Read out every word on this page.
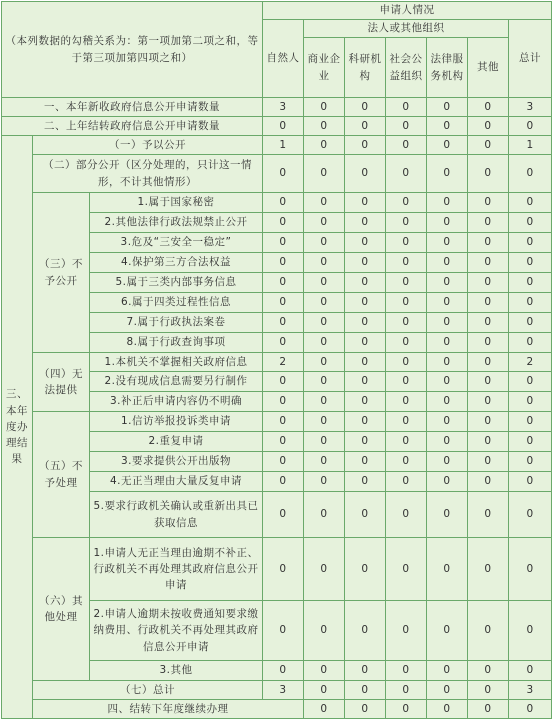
（本列数据的勾稽关系为：第一项加第二项之和，等于第三项加第四项之和）			申请人情况							
			自然人	法人或其他组织					总计	
				商业企业	科研机构	社会公益组织	法律服务机构	其他		
一、本年新收政府信息公开申请数量			3	0	0	0	0	0	3	
二、上年结转政府信息公开申请数量			0	0	0	0	0	0	0	
三、本年度办理结果	（一）予以公开		1	0	0	0	0	0	1	
	（二）部分公开（区分处理的，只计这一情形，不计其他情形）		0	0	0	0	0	0	0	
	（三）不予公开	1.属于国家秘密	0	0	0	0	0	0	0	
		2.其他法律行政法规禁止公开	0	0	0	0	0	0	0	
		3.危及“三安全一稳定”	0	0	0	0	0	0	0	
		4.保护第三方合法权益	0	0	0	0	0	0	0	
		5.属于三类内部事务信息	0	0	0	0	0	0	0	
		6.属于四类过程性信息	0	0	0	0	0	0	0	
		7.属于行政执法案卷	0	0	0	0	0	0	0	
		8.属于行政查询事项	0	0	0	0	0	0	0	
	（四）无法提供	1.本机关不掌握相关政府信息	2	0	0	0	0	0	2	
		2.没有现成信息需要另行制作	0	0	0	0	0	0	0	
		3.补正后申请内容仍不明确	0	0	0	0	0	0	0	
	（五）不予处理	1.信访举报投诉类申请	0	0	0	0	0	0	0	
		2.重复申请	0	0	0	0	0	0	0	
		3.要求提供公开出版物	0	0	0	0	0	0	0	
		4.无正当理由大量反复申请	0	0	0	0	0	0	0	
		5.要求行政机关确认或重新出具已获取信息	0	0	0	0	0	0	0	
	（六）其他处理	1.申请人无正当理由逾期不补正、行政机关不再处理其政府信息公开申请	0	0	0	0	0	0	0	
		2.申请人逾期未按收费通知要求缴纳费用、行政机关不再处理其政府信息公开申请	0	0	0	0	0	0	0	
		3.其他	0	0	0	0	0	0	0	
	（七）总计		3	0	0	0	0	0	3	
	四、结转下年度继续办理			0	0	0	0	0	0	
